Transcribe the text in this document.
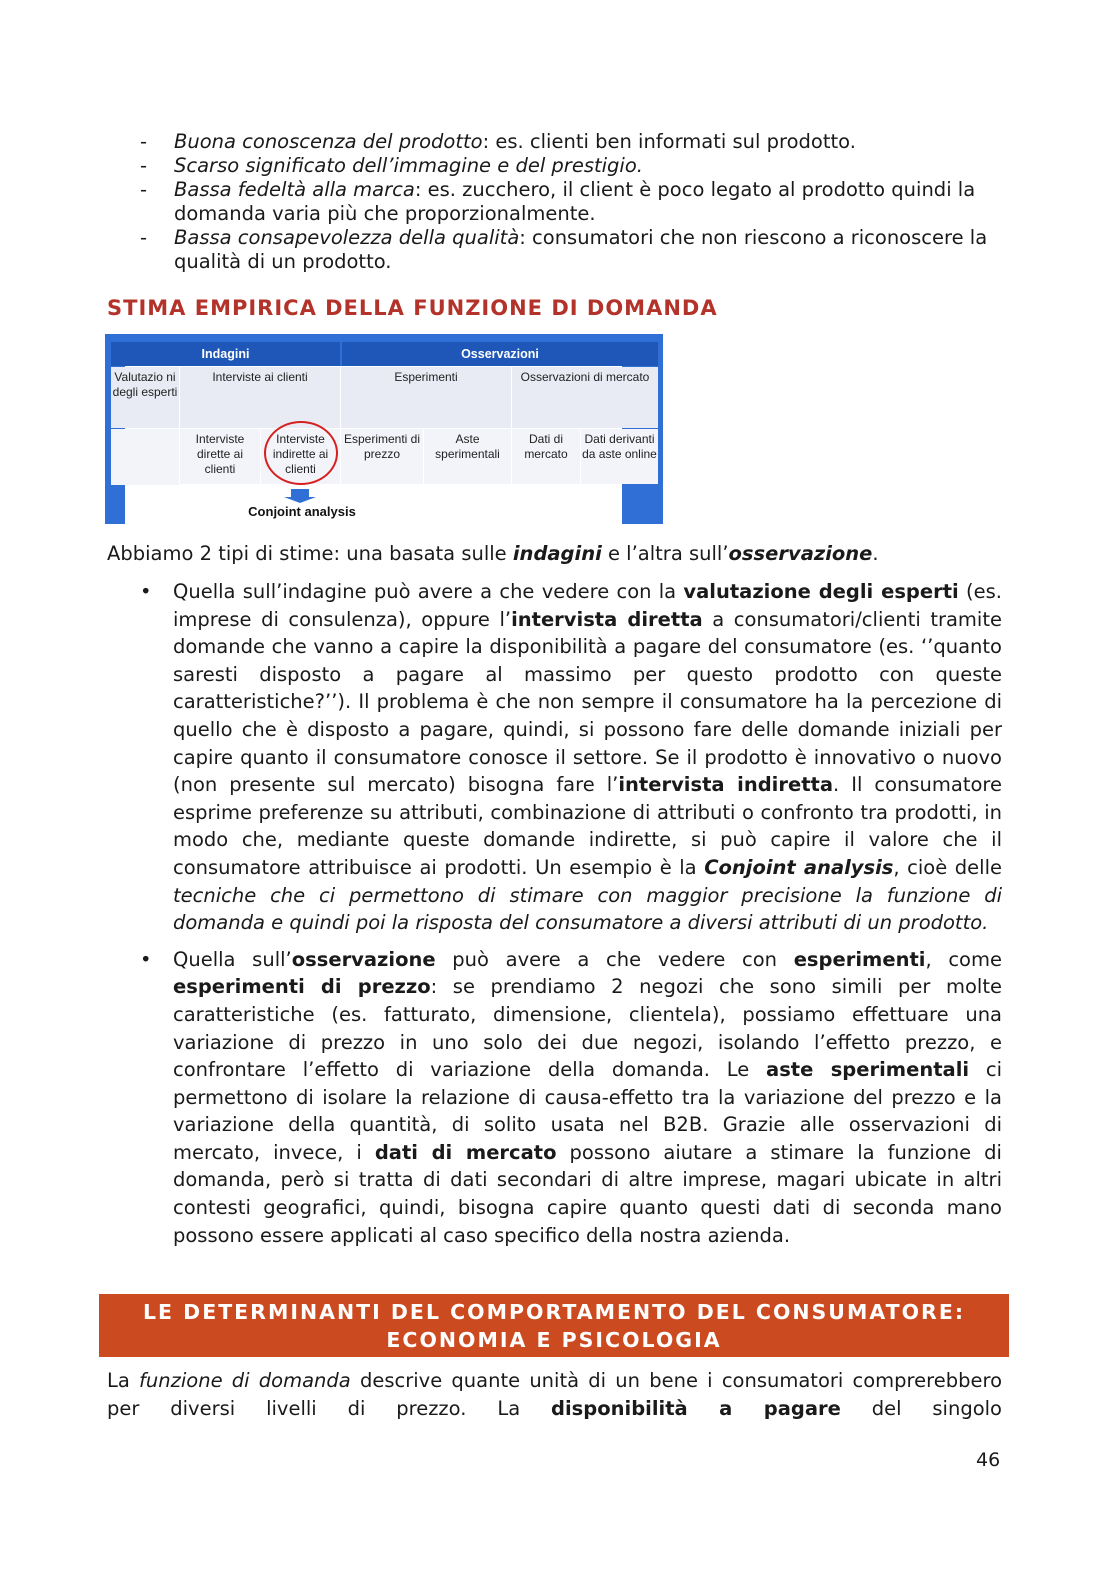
- Buona conoscenza del prodotto: es. clienti ben informati sul prodotto.
- Scarso significato dell’immagine e del prestigio.
- Bassa fedeltà alla marca: es. zucchero, il client è poco legato al prodotto quindi la domanda varia più che proporzionalmente.
- Bassa consapevolezza della qualità: consumatori che non riescono a riconoscere la qualità di un prodotto.
STIMA EMPIRICA DELLA FUNZIONE DI DOMANDA
Indagini	Osservazioni
Valutazio ni degli esperti
Interviste ai clienti	Esperimenti	Osservazioni di mercato
Interviste dirette ai clienti
Interviste indirette ai clienti
Esperimenti di prezzo
Aste sperimentali
Dati di mercato
Dati derivanti da aste online
Conjoint analysis

Abbiamo 2 tipi di stime: una basata sulle indagini e l’altra sull’osservazione.

• Quella sull’indagine può avere a che vedere con la valutazione degli esperti (es. imprese di consulenza), oppure l’intervista diretta a consumatori/clienti tramite domande che vanno a capire la disponibilità a pagare del consumatore (es. ‘’quanto saresti disposto a pagare al massimo per questo prodotto con queste caratteristiche?’’). Il problema è che non sempre il consumatore ha la percezione di quello che è disposto a pagare, quindi, si possono fare delle domande iniziali per capire quanto il consumatore conosce il settore. Se il prodotto è innovativo o nuovo (non presente sul mercato) bisogna fare l’intervista indiretta. Il consumatore esprime preferenze su attributi, combinazione di attributi o confronto tra prodotti, in modo che, mediante queste domande indirette, si può capire il valore che il consumatore attribuisce ai prodotti. Un esempio è la Conjoint analysis, cioè delle tecniche che ci permettono di stimare con maggior precisione la funzione di domanda e quindi poi la risposta del consumatore a diversi attributi di un prodotto.
• Quella sull’osservazione può avere a che vedere con esperimenti, come esperimenti di prezzo: se prendiamo 2 negozi che sono simili per molte caratteristiche (es. fatturato, dimensione, clientela), possiamo effettuare una variazione di prezzo in uno solo dei due negozi, isolando l’effetto prezzo, e confrontare l’effetto di variazione della domanda. Le aste sperimentali ci permettono di isolare la relazione di causa-effetto tra la variazione del prezzo e la variazione della quantità, di solito usata nel B2B. Grazie alle osservazioni di mercato, invece, i dati di mercato possono aiutare a stimare la funzione di domanda, però si tratta di dati secondari di altre imprese, magari ubicate in altri contesti geografici, quindi, bisogna capire quanto questi dati di seconda mano possono essere applicati al caso specifico della nostra azienda.
LE DETERMINANTI DEL COMPORTAMENTO DEL CONSUMATORE:
ECONOMIA E PSICOLOGIA

La funzione di domanda descrive quante unità di un bene i consumatori comprerebbero per diversi livelli di prezzo. La disponibilità a pagare del singolo

46
